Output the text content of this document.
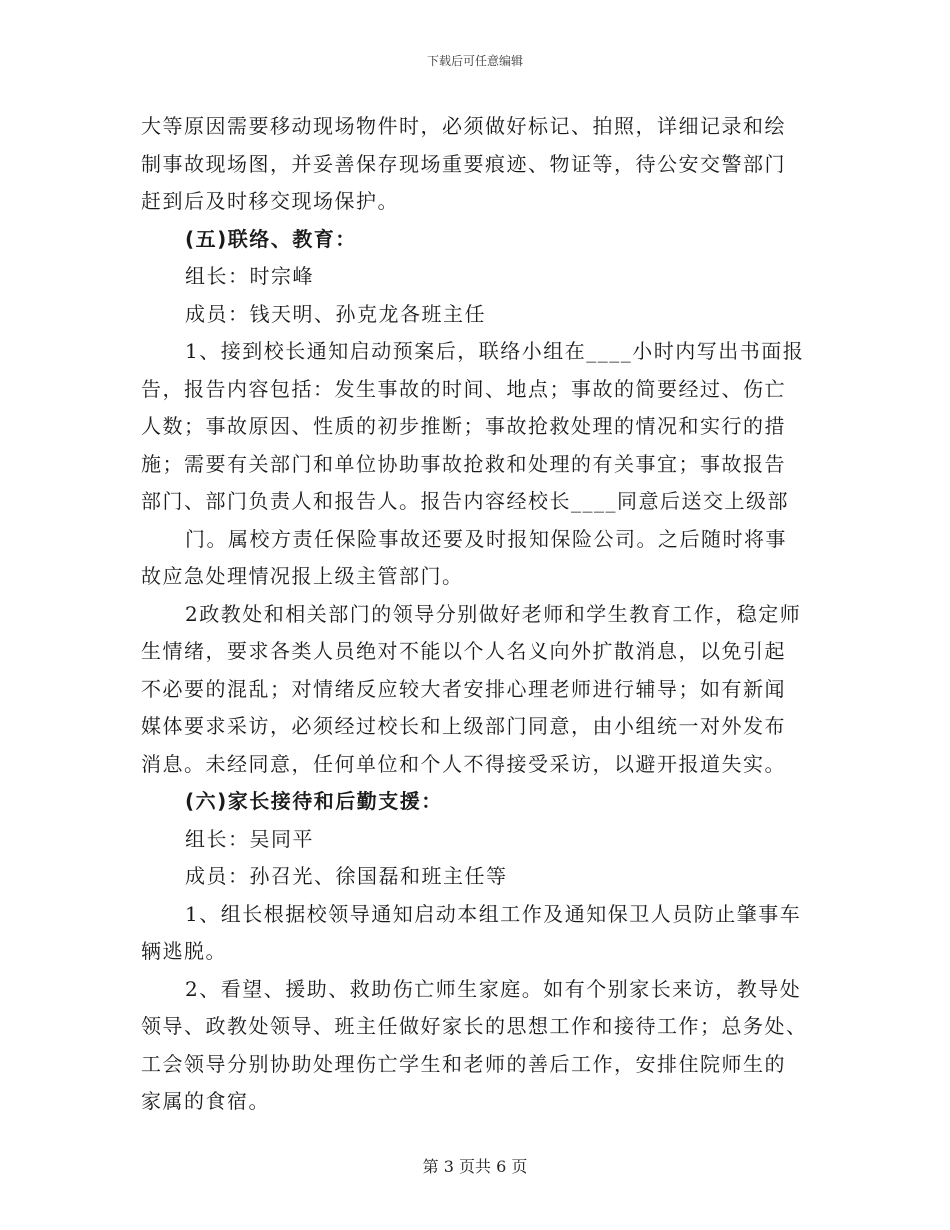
下载后可任意编辑
大等原因需要移动现场物件时，必须做好标记、拍照，详细记录和绘
制事故现场图，并妥善保存现场重要痕迹、物证等，待公安交警部门
赶到后及时移交现场保护。
(五)联络、教育：
组长：时宗峰
成员：钱天明、孙克龙各班主任
1、接到校长通知启动预案后，联络小组在____小时内写出书面报
告，报告内容包括：发生事故的时间、地点；事故的简要经过、伤亡
人数；事故原因、性质的初步推断；事故抢救处理的情况和实行的措
施；需要有关部门和单位协助事故抢救和处理的有关事宜；事故报告
部门、部门负责人和报告人。报告内容经校长____同意后送交上级部
门。属校方责任保险事故还要及时报知保险公司。之后随时将事
故应急处理情况报上级主管部门。
2政教处和相关部门的领导分别做好老师和学生教育工作，稳定师
生情绪，要求各类人员绝对不能以个人名义向外扩散消息，以免引起
不必要的混乱；对情绪反应较大者安排心理老师进行辅导；如有新闻
媒体要求采访，必须经过校长和上级部门同意，由小组统一对外发布
消息。未经同意，任何单位和个人不得接受采访，以避开报道失实。
(六)家长接待和后勤支援：
组长：吴同平
成员：孙召光、徐国磊和班主任等
1、组长根据校领导通知启动本组工作及通知保卫人员防止肇事车
辆逃脱。
2、看望、援助、救助伤亡师生家庭。如有个别家长来访，教导处
领导、政教处领导、班主任做好家长的思想工作和接待工作；总务处、
工会领导分别协助处理伤亡学生和老师的善后工作，安排住院师生的
家属的食宿。
第 3 页共 6 页
